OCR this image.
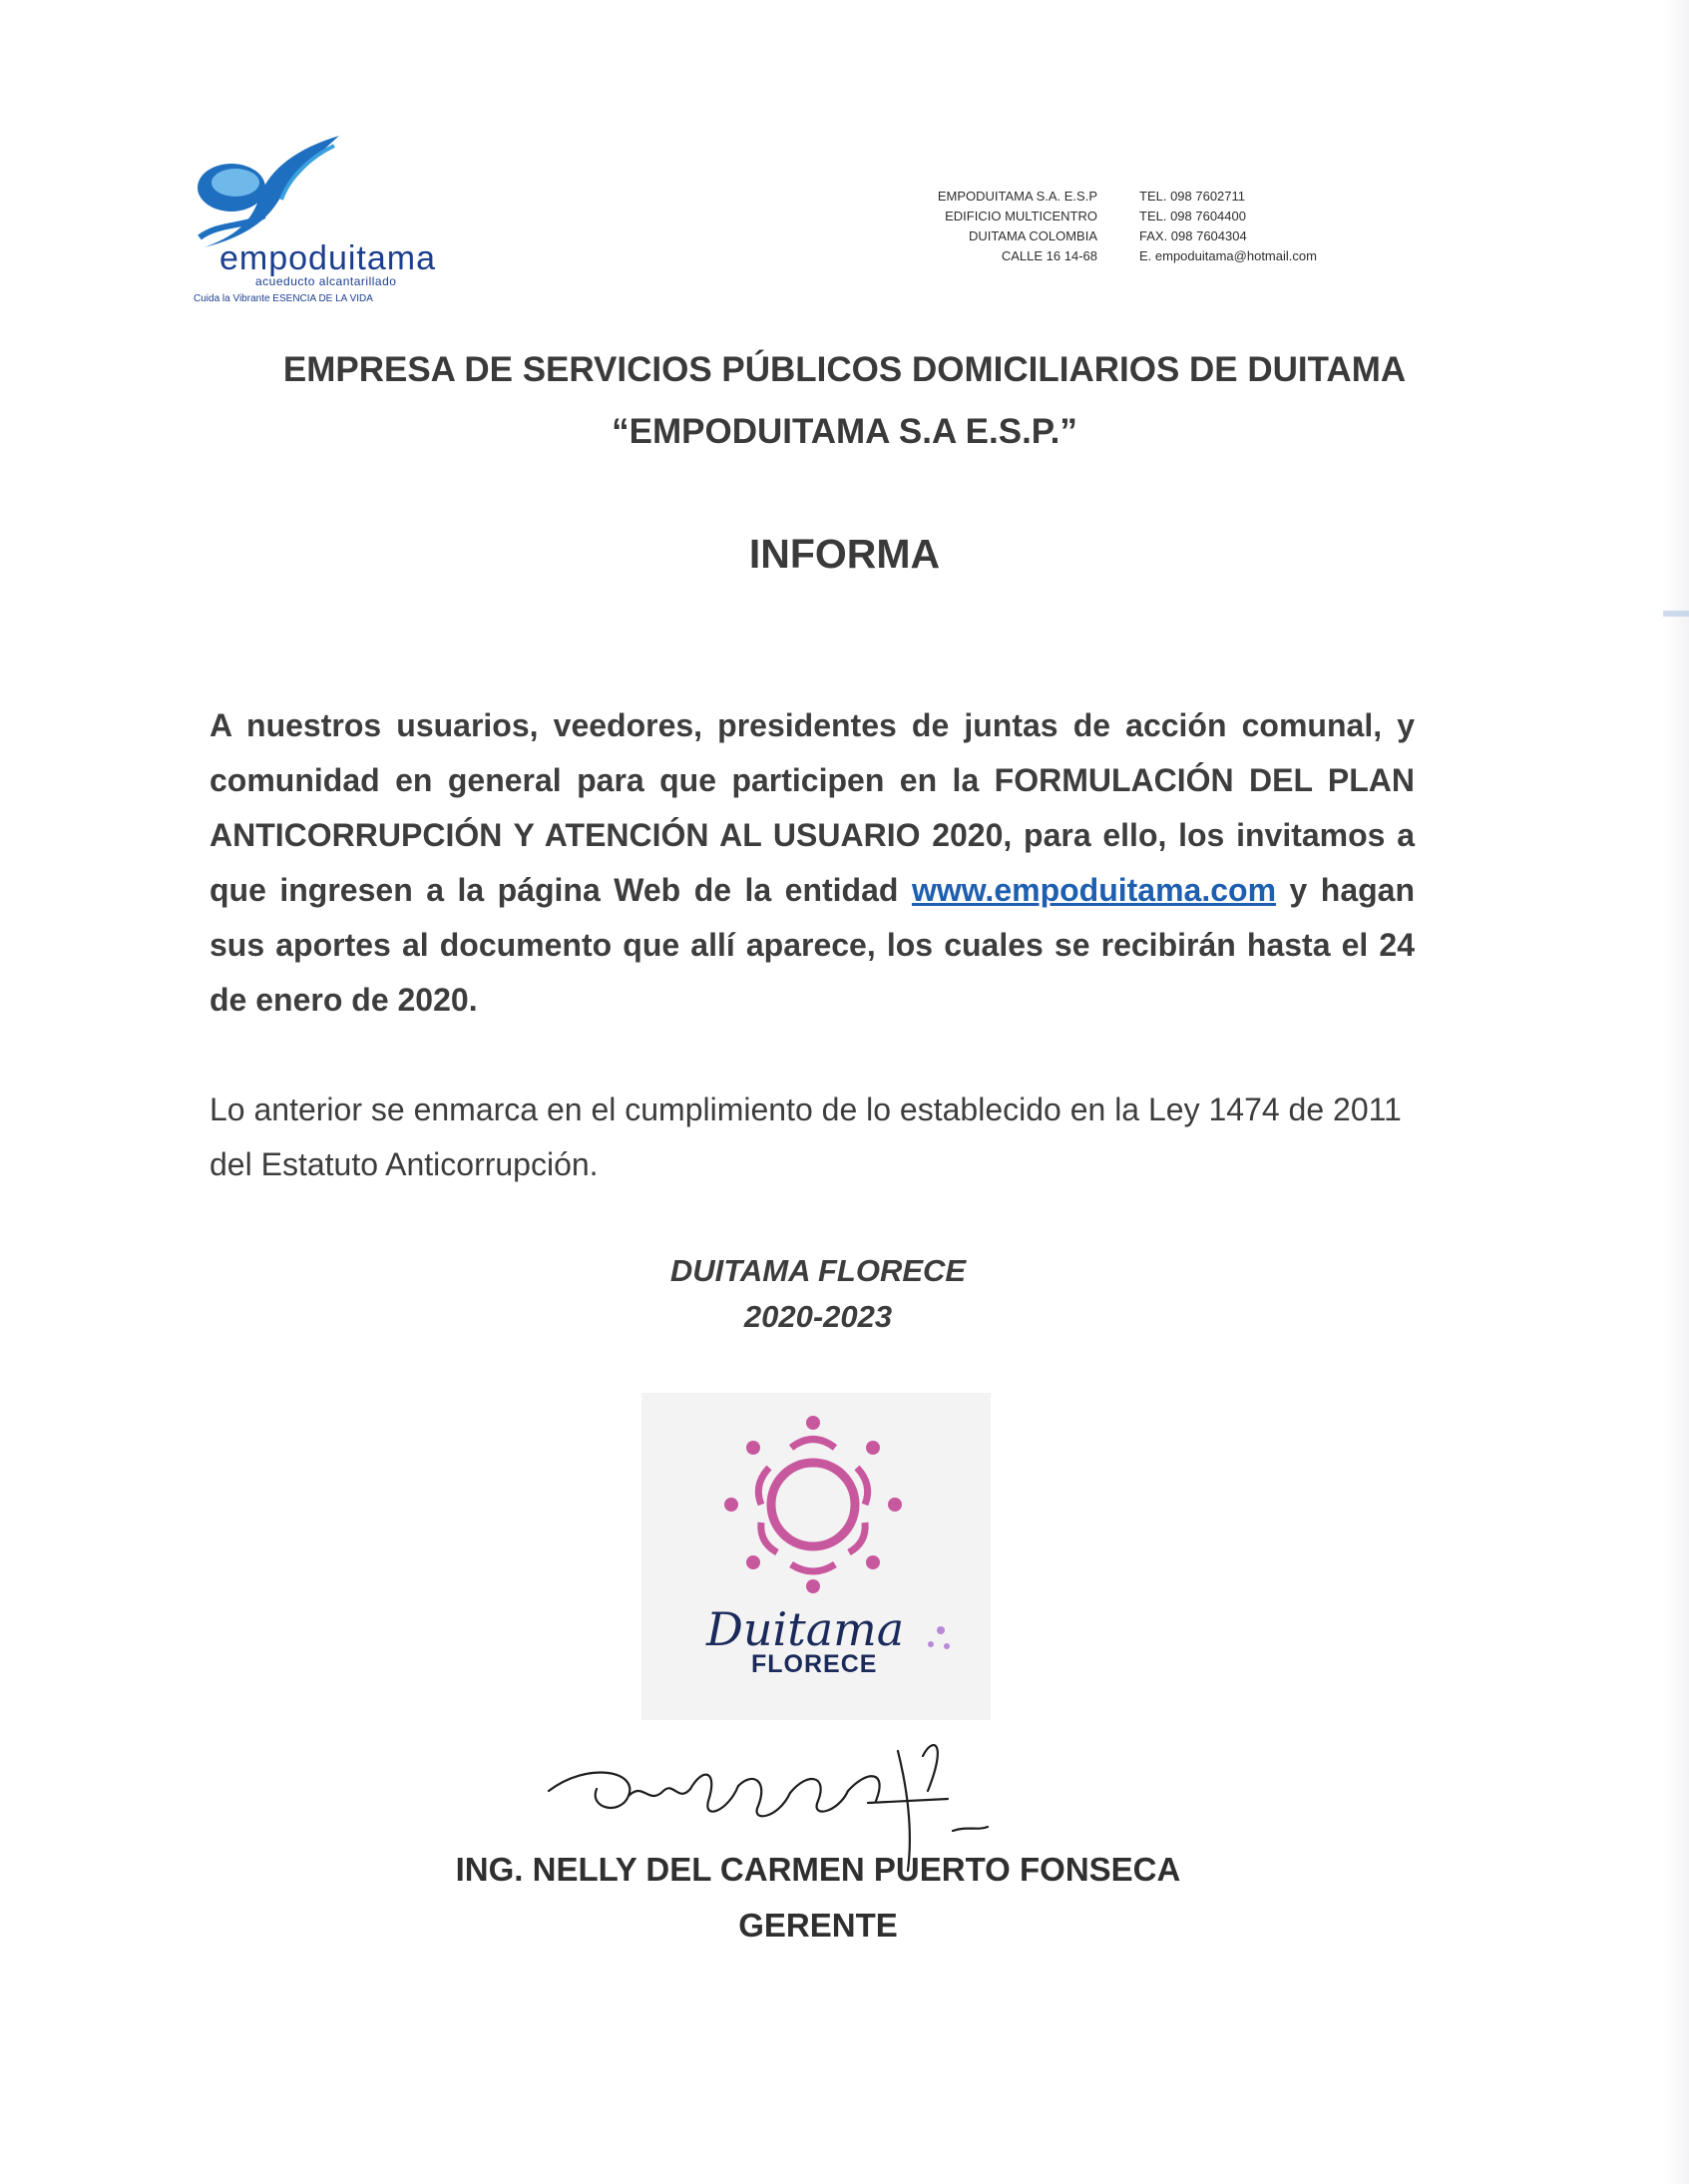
empoduitama
acueducto alcantarillado
Cuida la Vibrante ESENCIA DE LA VIDA
EMPODUITAMA S.A. E.S.P
EDIFICIO MULTICENTRO
DUITAMA COLOMBIA
CALLE 16 14-68
TEL. 098 7602711
TEL. 098 7604400
FAX. 098 7604304
E. empoduitama@hotmail.com
EMPRESA DE SERVICIOS PÚBLICOS DOMICILIARIOS DE DUITAMA
“EMPODUITAMA S.A E.S.P.”
INFORMA
A nuestros usuarios, veedores, presidentes de juntas de acción comunal, y comunidad en general para que participen en la FORMULACIÓN DEL PLAN ANTICORRUPCIÓN Y ATENCIÓN AL USUARIO 2020, para ello, los invitamos a que ingresen a la página Web de la entidad www.empoduitama.com y hagan sus aportes al documento que allí aparece, los cuales se recibirán hasta el 24 de enero de 2020.
Lo anterior se enmarca en el cumplimiento de lo establecido en la Ley 1474 de 2011 del Estatuto Anticorrupción.
DUITAMA FLORECE
2020-2023
Duitama
FLORECE
ING. NELLY DEL CARMEN PUERTO FONSECA
GERENTE
